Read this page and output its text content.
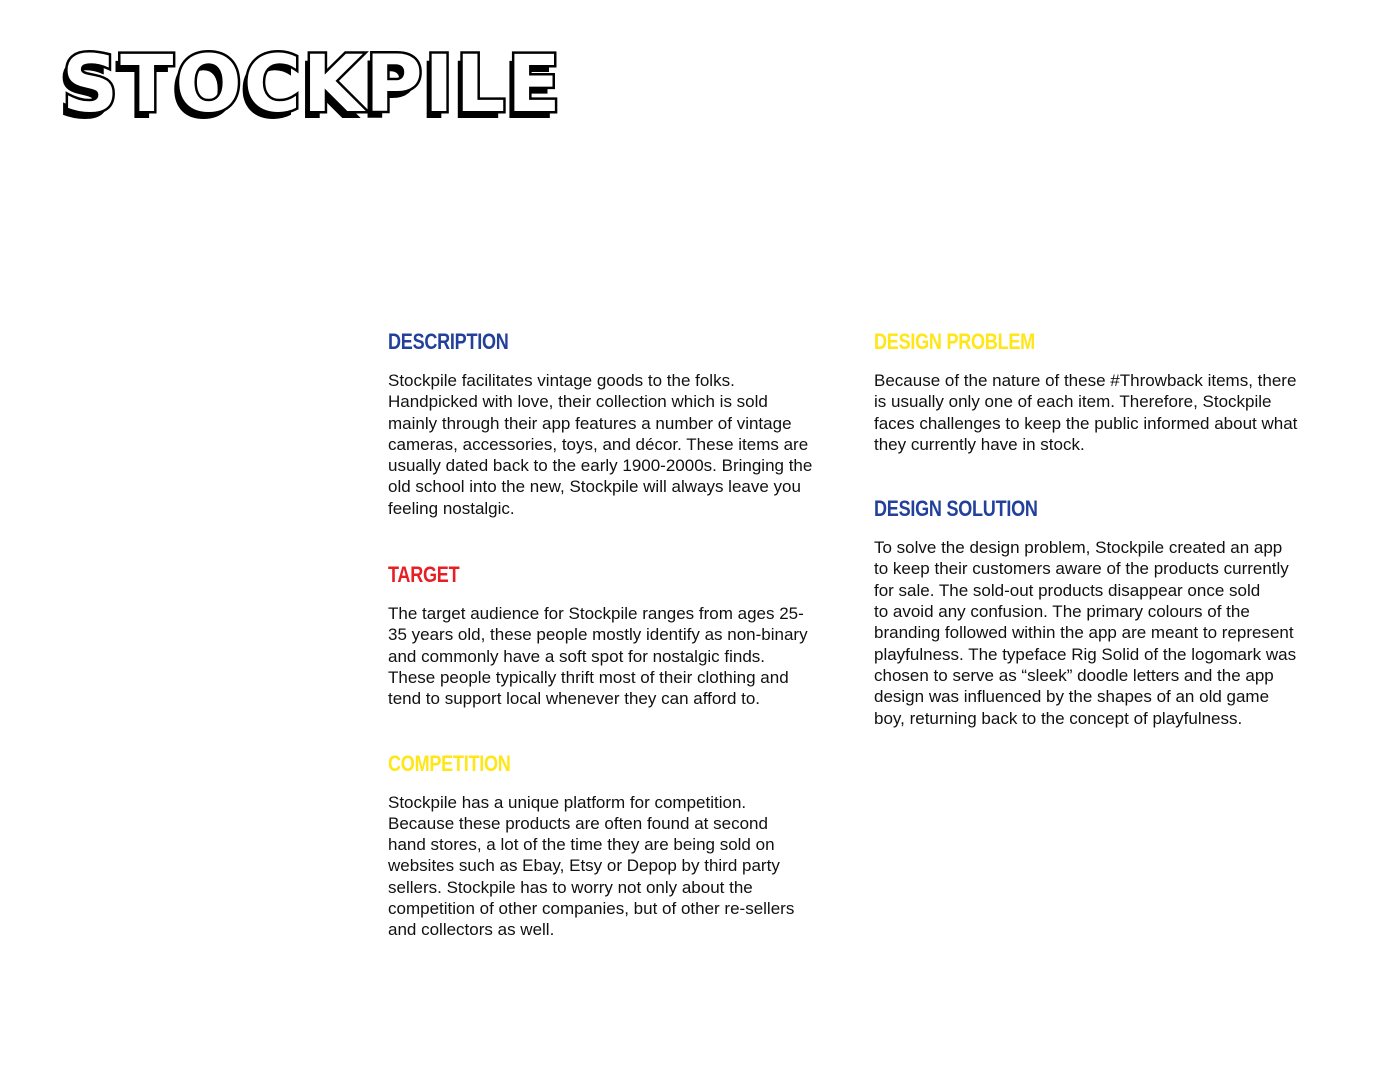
STOCKPILE
DESCRIPTION

Stockpile facilitates vintage goods to the folks.
Handpicked with love, their collection which is sold
mainly through their app features a number of vintage
cameras, accessories, toys, and décor. These items are
usually dated back to the early 1900-2000s. Bringing the
old school into the new, Stockpile will always leave you
feeling nostalgic.

TARGET

The target audience for Stockpile ranges from ages 25-
35 years old, these people mostly identify as non-binary
and commonly have a soft spot for nostalgic finds.
These people typically thrift most of their clothing and
tend to support local whenever they can afford to.

COMPETITION

Stockpile has a unique platform for competition.
Because these products are often found at second
hand stores, a lot of the time they are being sold on
websites such as Ebay, Etsy or Depop by third party
sellers. Stockpile has to worry not only about the
competition of other companies, but of other re-sellers
and collectors as well.

DESIGN PROBLEM

Because of the nature of these #Throwback items, there
is usually only one of each item. Therefore, Stockpile
faces challenges to keep the public informed about what
they currently have in stock.

DESIGN SOLUTION

To solve the design problem, Stockpile created an app
to keep their customers aware of the products currently
for sale. The sold-out products disappear once sold
to avoid any confusion. The primary colours of the
branding followed within the app are meant to represent
playfulness. The typeface Rig Solid of the logomark was
chosen to serve as “sleek” doodle letters and the app
design was influenced by the shapes of an old game
boy, returning back to the concept of playfulness.
